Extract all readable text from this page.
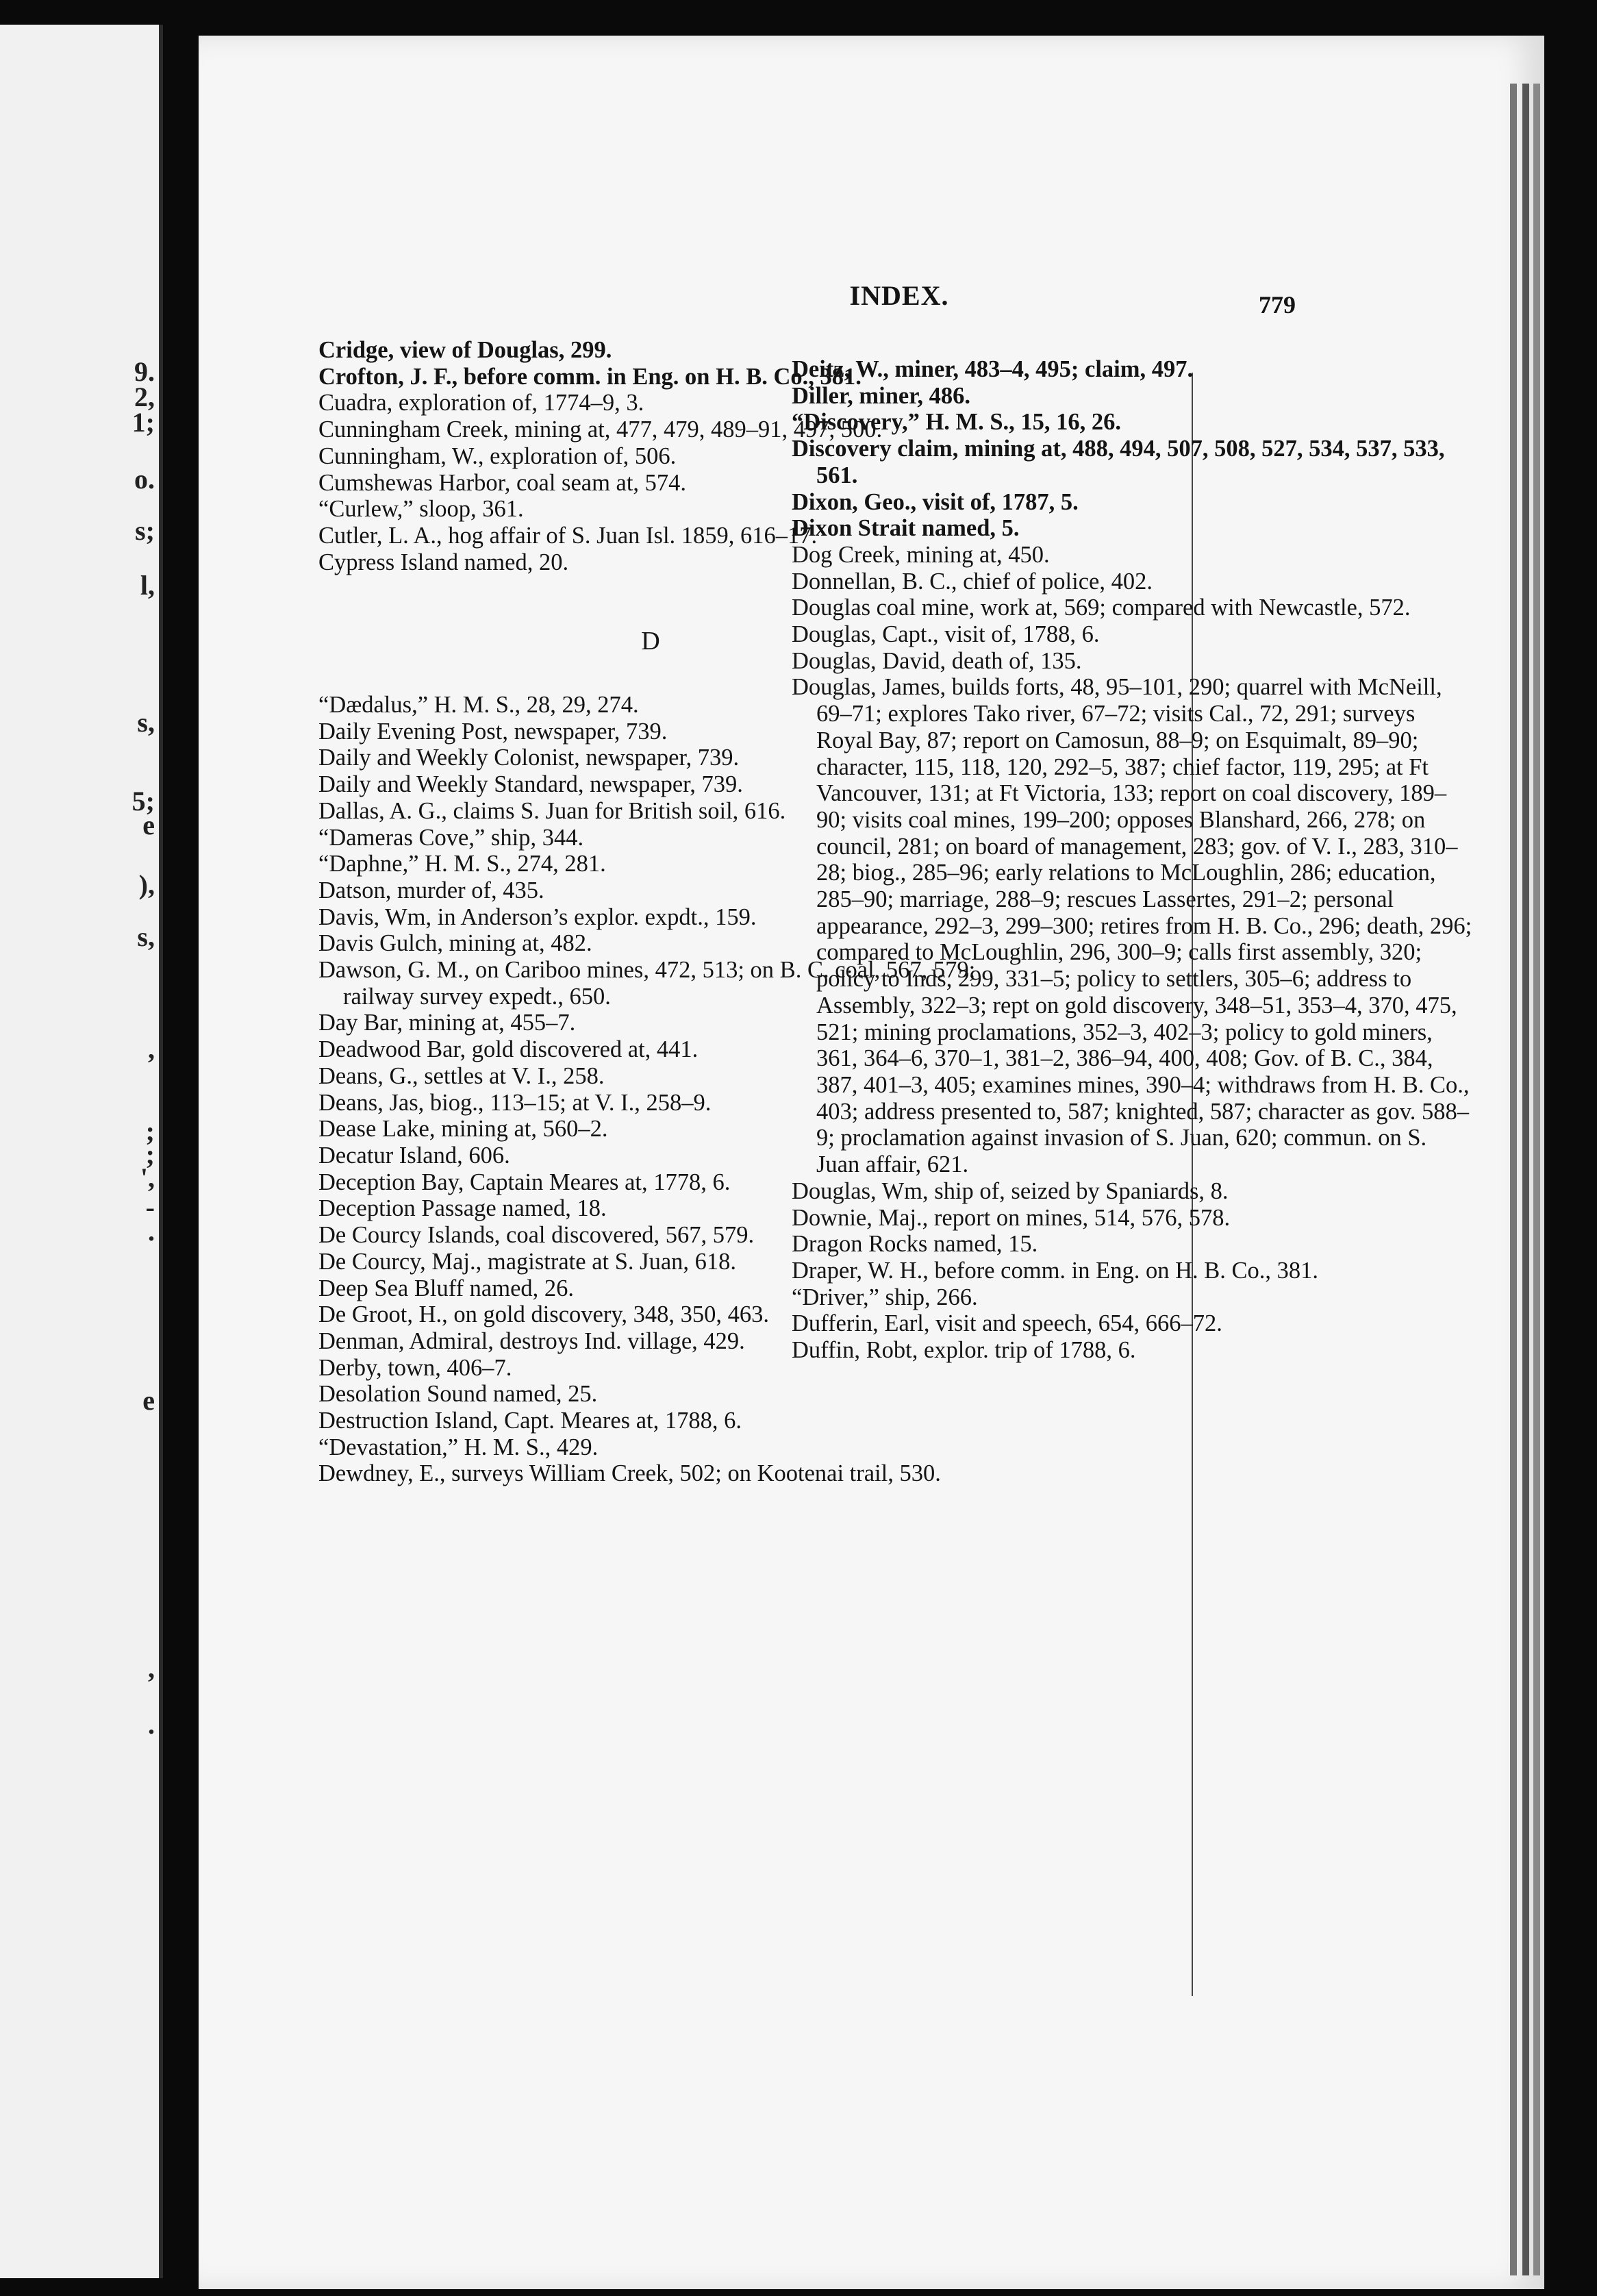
9.
2,
1;
o.
s;
l,
s,
5;
e
),
s,
,
;
;
',
-
.
e
,
.
INDEX.	779

Cridge, view of Douglas, 299.

Crofton, J. F., before comm. in Eng. on H. B. Co., 381.

Cuadra, exploration of, 1774–9, 3.

Cunningham Creek, mining at, 477, 479, 489–91, 497, 500.

Cunningham, W., exploration of, 506.

Cumshewas Harbor, coal seam at, 574.

“Curlew,” sloop, 361.

Cutler, L. A., hog affair of S. Juan Isl. 1859, 616–17.

Cypress Island named, 20.

D

“Dædalus,” H. M. S., 28, 29, 274.

Daily Evening Post, newspaper, 739.

Daily and Weekly Colonist, newspaper, 739.

Daily and Weekly Standard, newspaper, 739.

Dallas, A. G., claims S. Juan for British soil, 616.

“Dameras Cove,” ship, 344.

“Daphne,” H. M. S., 274, 281.

Datson, murder of, 435.

Davis, Wm, in Anderson’s explor. expdt., 159.

Davis Gulch, mining at, 482.

Dawson, G. M., on Cariboo mines, 472, 513; on B. C. coal, 567, 579; railway survey expedt., 650.

Day Bar, mining at, 455–7.

Deadwood Bar, gold discovered at, 441.

Deans, G., settles at V. I., 258.

Deans, Jas, biog., 113–15; at V. I., 258–9.

Dease Lake, mining at, 560–2.

Decatur Island, 606.

Deception Bay, Captain Meares at, 1778, 6.

Deception Passage named, 18.

De Courcy Islands, coal discovered, 567, 579.

De Courcy, Maj., magistrate at S. Juan, 618.

Deep Sea Bluff named, 26.

De Groot, H., on gold discovery, 348, 350, 463.

Denman, Admiral, destroys Ind. village, 429.

Derby, town, 406–7.

Desolation Sound named, 25.

Destruction Island, Capt. Meares at, 1788, 6.

“Devastation,” H. M. S., 429.

Dewdney, E., surveys William Creek, 502; on Kootenai trail, 530.

Deitz, W., miner, 483–4, 495; claim, 497.

Diller, miner, 486.

“Discovery,” H. M. S., 15, 16, 26.

Discovery claim, mining at, 488, 494, 507, 508, 527, 534, 537, 533, 561.

Dixon, Geo., visit of, 1787, 5.

Dixon Strait named, 5.

Dog Creek, mining at, 450.

Donnellan, B. C., chief of police, 402.

Douglas coal mine, work at, 569; compared with Newcastle, 572.

Douglas, Capt., visit of, 1788, 6.

Douglas, David, death of, 135.

Douglas, James, builds forts, 48, 95–101, 290; quarrel with McNeill, 69–71; explores Tako river, 67–72; visits Cal., 72, 291; surveys Royal Bay, 87; report on Camosun, 88–9; on Esquimalt, 89–90; character, 115, 118, 120, 292–5, 387; chief factor, 119, 295; at Ft Vancouver, 131; at Ft Victoria, 133; report on coal discovery, 189–90; visits coal mines, 199–200; opposes Blanshard, 266, 278; on council, 281; on board of management, 283; gov. of V. I., 283, 310–28; biog., 285–96; early relations to McLoughlin, 286; education, 285–90; marriage, 288–9; rescues Lassertes, 291–2; personal appearance, 292–3, 299–300; retires from H. B. Co., 296; death, 296; compared to McLoughlin, 296, 300–9; calls first assembly, 320; policy to Inds, 299, 331–5; policy to settlers, 305–6; address to Assembly, 322–3; rept on gold discovery, 348–51, 353–4, 370, 475, 521; mining proclamations, 352–3, 402–3; policy to gold miners, 361, 364–6, 370–1, 381–2, 386–94, 400, 408; Gov. of B. C., 384, 387, 401–3, 405; examines mines, 390–4; withdraws from H. B. Co., 403; address presented to, 587; knighted, 587; character as gov. 588–9; proclamation against invasion of S. Juan, 620; commun. on S. Juan affair, 621.

Douglas, Wm, ship of, seized by Spaniards, 8.

Downie, Maj., report on mines, 514, 576, 578.

Dragon Rocks named, 15.

Draper, W. H., before comm. in Eng. on H. B. Co., 381.

“Driver,” ship, 266.

Dufferin, Earl, visit and speech, 654, 666–72.

Duffin, Robt, explor. trip of 1788, 6.
